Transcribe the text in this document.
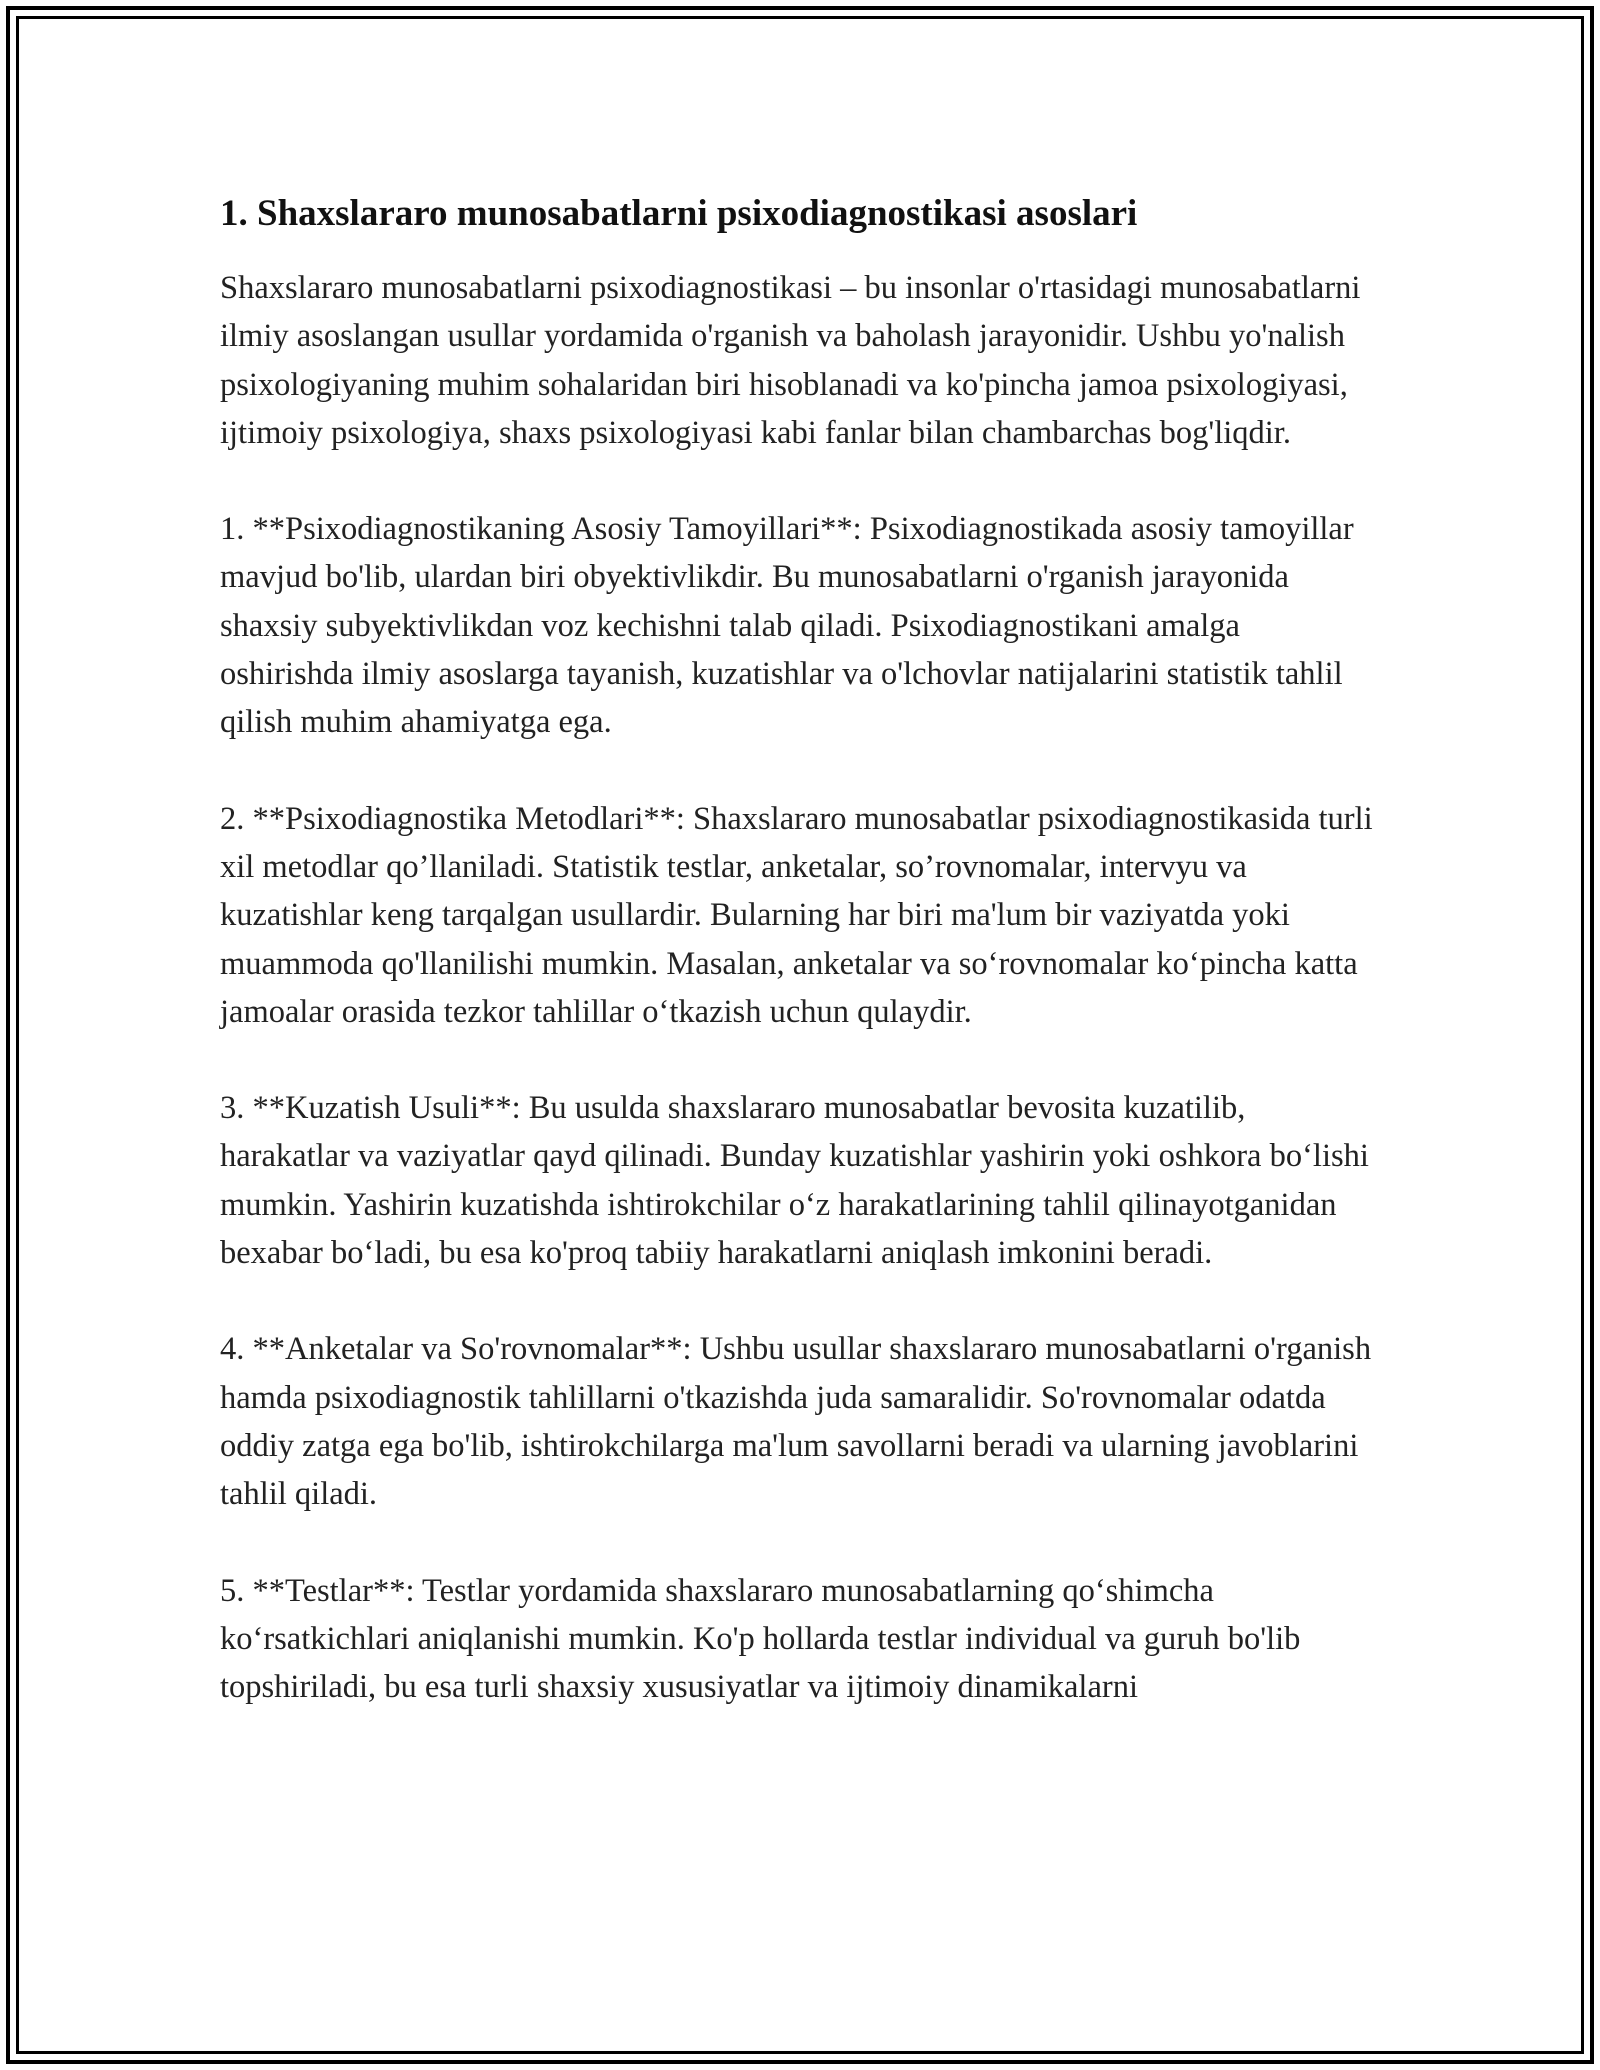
1. Shaxslararo munosabatlarni psixodiagnostikasi asoslari

Shaxslararo munosabatlarni psixodiagnostikasi – bu insonlar o'rtasidagi munosabatlarni ilmiy asoslangan usullar yordamida o'rganish va baholash jarayonidir. Ushbu yo'nalish psixologiyaning muhim sohalaridan biri hisoblanadi va ko'pincha jamoa psixologiyasi, ijtimoiy psixologiya, shaxs psixologiyasi kabi fanlar bilan chambarchas bog'liqdir.

1. **Psixodiagnostikaning Asosiy Tamoyillari**: Psixodiagnostikada asosiy tamoyillar mavjud bo'lib, ulardan biri obyektivlikdir. Bu munosabatlarni o'rganish jarayonida shaxsiy subyektivlikdan voz kechishni talab qiladi. Psixodiagnostikani amalga oshirishda ilmiy asoslarga tayanish, kuzatishlar va o'lchovlar natijalarini statistik tahlil qilish muhim ahamiyatga ega.

2. **Psixodiagnostika Metodlari**: Shaxslararo munosabatlar psixodiagnostikasida turli xil metodlar qo’llaniladi. Statistik testlar, anketalar, so’rovnomalar, intervyu va kuzatishlar keng tarqalgan usullardir. Bularning har biri ma'lum bir vaziyatda yoki muammoda qo'llanilishi mumkin. Masalan, anketalar va so‘rovnomalar ko‘pincha katta jamoalar orasida tezkor tahlillar o‘tkazish uchun qulaydir.

3. **Kuzatish Usuli**: Bu usulda shaxslararo munosabatlar bevosita kuzatilib, harakatlar va vaziyatlar qayd qilinadi. Bunday kuzatishlar yashirin yoki oshkora bo‘lishi mumkin. Yashirin kuzatishda ishtirokchilar o‘z harakatlarining tahlil qilinayotganidan bexabar bo‘ladi, bu esa ko'proq tabiiy harakatlarni aniqlash imkonini beradi.

4. **Anketalar va So'rovnomalar**: Ushbu usullar shaxslararo munosabatlarni o'rganish hamda psixodiagnostik tahlillarni o'tkazishda juda samaralidir. So'rovnomalar odatda oddiy zatga ega bo'lib, ishtirokchilarga ma'lum savollarni beradi va ularning javoblarini tahlil qiladi.

5. **Testlar**: Testlar yordamida shaxslararo munosabatlarning qo‘shimcha ko‘rsatkichlari aniqlanishi mumkin. Ko'p hollarda testlar individual va guruh bo'lib topshiriladi, bu esa turli shaxsiy xususiyatlar va ijtimoiy dinamikalarni
